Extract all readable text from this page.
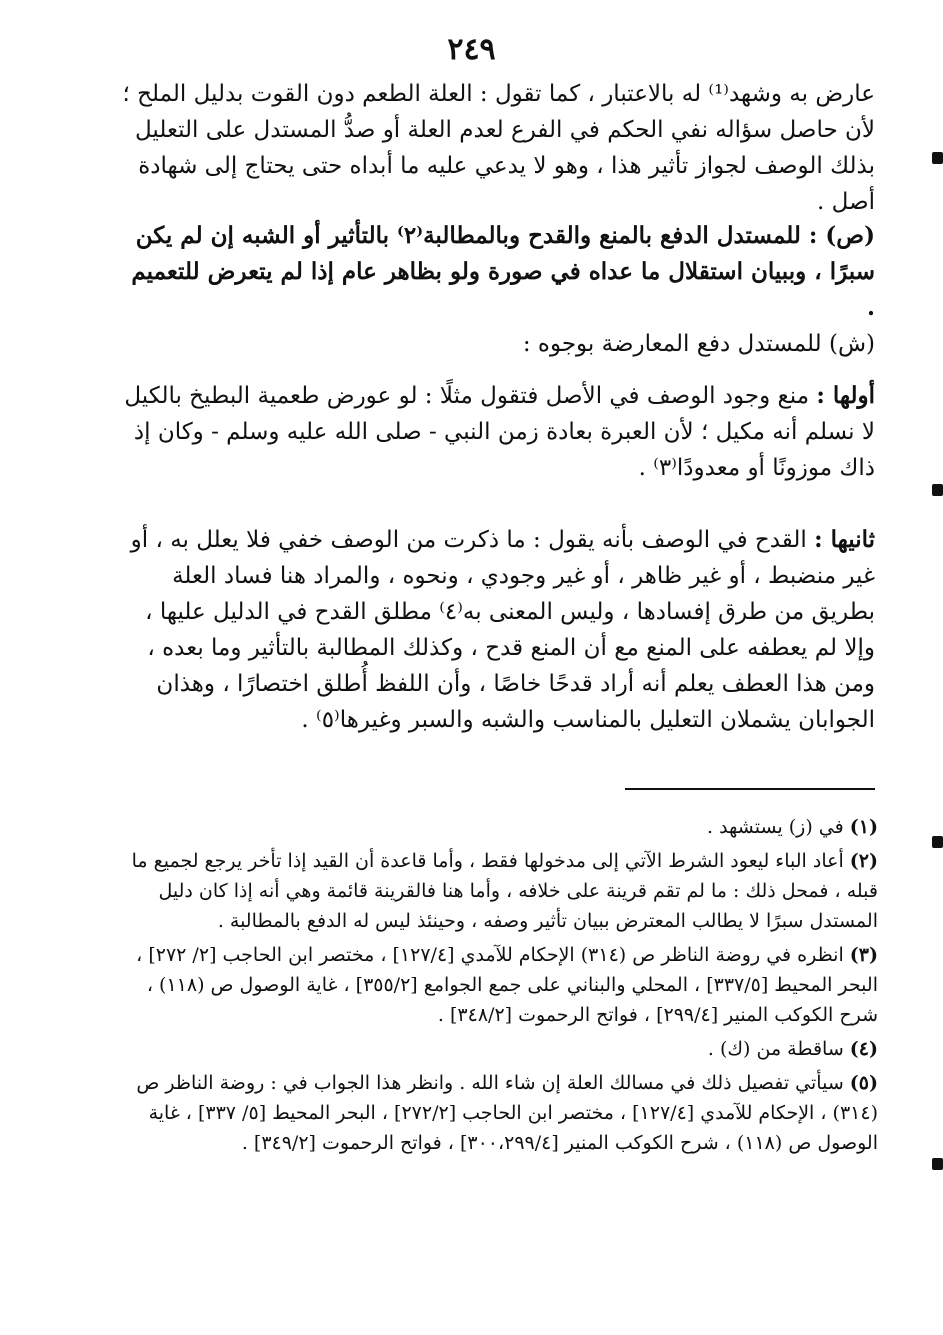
٢٤٩

عارض به وشهد⁽¹⁾ له بالاعتبار ، كما تقول : العلة الطعم دون القوت بدليل الملح ؛ لأن حاصل سؤاله نفي الحكم في الفرع لعدم العلة أو صدُّ المستدل على التعليل بذلك الوصف لجواز تأثير هذا ، وهو لا يدعي عليه ما أبداه حتى يحتاج إلى شهادة أصل .

(ص) : للمستدل الدفع بالمنع والقدح وبالمطالبة⁽٢⁾ بالتأثير أو الشبه إن لم يكن سبرًا ، وببيان استقلال ما عداه في صورة ولو بظاهر عام إذا لم يتعرض للتعميم .

(ش) للمستدل دفع المعارضة بوجوه :

أولها : منع وجود الوصف في الأصل فتقول مثلًا : لو عورض طعمية البطيخ بالكيل لا نسلم أنه مكيل ؛ لأن العبرة بعادة زمن النبي - صلى الله عليه وسلم - وكان إذ ذاك موزونًا أو معدودًا⁽٣⁾ .

ثانيها : القدح في الوصف بأنه يقول : ما ذكرت من الوصف خفي فلا يعلل به ، أو غير منضبط ، أو غير ظاهر ، أو غير وجودي ، ونحوه ، والمراد هنا فساد العلة بطريق من طرق إفسادها ، وليس المعنى به⁽٤⁾ مطلق القدح في الدليل عليها ، وإلا لم يعطفه على المنع مع أن المنع قدح ، وكذلك المطالبة بالتأثير وما بعده ، ومن هذا العطف يعلم أنه أراد قدحًا خاصًا ، وأن اللفظ أُطلق اختصارًا ، وهذان الجوابان يشملان التعليل بالمناسب والشبه والسبر وغيرها⁽٥⁾ .

(١) في (ز) يستشهد .

(٢) أعاد الباء ليعود الشرط الآتي إلى مدخولها فقط ، وأما قاعدة أن القيد إذا تأخر يرجع لجميع ما قبله ، فمحل ذلك : ما لم تقم قرينة على خلافه ، وأما هنا فالقرينة قائمة وهي أنه إذا كان دليل المستدل سبرًا لا يطالب المعترض ببيان تأثير وصفه ، وحينئذ ليس له الدفع بالمطالبة .

(٣) انظره في روضة الناظر ص (٣١٤) الإحكام للآمدي [١٢٧/٤] ، مختصر ابن الحاجب [٢/ ٢٧٢] ، البحر المحيط [٣٣٧/٥] ، المحلي والبناني على جمع الجوامع [٣٥٥/٢] ، غاية الوصول ص (١١٨) ، شرح الكوكب المنير [٢٩٩/٤] ، فواتح الرحموت [٣٤٨/٢] .

(٤) ساقطة من (ك) .

(٥) سيأتي تفصيل ذلك في مسالك العلة إن شاء الله . وانظر هذا الجواب في : روضة الناظر ص (٣١٤) ، الإحكام للآمدي [١٢٧/٤] ، مختصر ابن الحاجب [٢٧٢/٢] ، البحر المحيط [٥/ ٣٣٧] ، غاية الوصول ص (١١٨) ، شرح الكوكب المنير [٣٠٠،٢٩٩/٤] ، فواتح الرحموت [٣٤٩/٢] .
